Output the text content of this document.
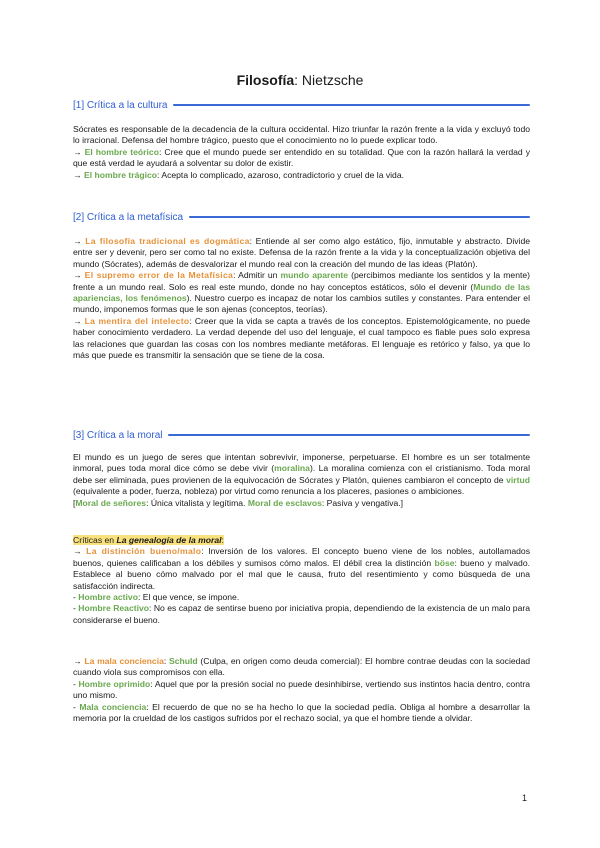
Filosofía: Nietzsche
[1] Crítica a la cultura

Sócrates es responsable de la decadencia de la cultura occidental. Hizo triunfar la razón frente a la vida y excluyó todo lo irracional. Defensa del hombre trágico, puesto que el conocimiento no lo puede explicar todo.

→ El hombre teórico: Cree que el mundo puede ser entendido en su totalidad. Que con la razón hallará la verdad y que está verdad le ayudará a solventar su dolor de existir.

→ El hombre trágico: Acepta lo complicado, azaroso, contradictorio y cruel de la vida.

[2] Crítica a la metafísica

→ La filosofía tradicional es dogmática: Entiende al ser como algo estático, fijo, inmutable y abstracto. Divide entre ser y devenir, pero ser como tal no existe. Defensa de la razón frente a la vida y la conceptualización objetiva del mundo (Sócrates), además de desvalorizar el mundo real con la creación del mundo de las ideas (Platón).

→ El supremo error de la Metafísica: Admitir un mundo aparente (percibimos mediante los sentidos y la mente) frente a un mundo real. Solo es real este mundo, donde no hay conceptos estáticos, sólo el devenir (Mundo de las apariencias, los fenómenos). Nuestro cuerpo es incapaz de notar los cambios sutiles y constantes. Para entender el mundo, imponemos formas que le son ajenas (conceptos, teorías).

→ La mentira del intelecto: Creer que la vida se capta a través de los conceptos. Epistemológicamente, no puede haber conocimiento verdadero. La verdad depende del uso del lenguaje, el cual tampoco es fiable pues solo expresa las relaciones que guardan las cosas con los nombres mediante metáforas. El lenguaje es retórico y falso, ya que lo más que puede es transmitir la sensación que se tiene de la cosa.

[3] Crítica a la moral

El mundo es un juego de seres que intentan sobrevivir, imponerse, perpetuarse. El hombre es un ser totalmente inmoral, pues toda moral dice cómo se debe vivir (moralina). La moralina comienza con el cristianismo. Toda moral debe ser eliminada, pues provienen de la equivocación de Sócrates y Platón, quienes cambiaron el concepto de virtud (equivalente a poder, fuerza, nobleza) por virtud como renuncia a los placeres, pasiones o ambiciones.

[Moral de señores: Única vitalista y legítima. Moral de esclavos: Pasiva y vengativa.]

Críticas en La genealogía de la moral:

→ La distinción bueno/malo: Inversión de los valores. El concepto bueno viene de los nobles, autollamados buenos, quienes calificaban a los débiles y sumisos cómo malos. El débil crea la distinción böse: bueno y malvado. Establece al bueno cómo malvado por el mal que le causa, fruto del resentimiento y como búsqueda de una satisfacción indirecta.

- Hombre activo: El que vence, se impone.

- Hombre Reactivo: No es capaz de sentirse bueno por iniciativa propia, dependiendo de la existencia de un malo para considerarse el bueno.

→ La mala conciencia: Schuld (Culpa, en origen como deuda comercial): El hombre contrae deudas con la sociedad cuando viola sus compromisos con ella.

- Hombre oprimido: Aquel que por la presión social no puede desinhibirse, vertiendo sus instintos hacia dentro, contra uno mismo.

- Mala conciencia: El recuerdo de que no se ha hecho lo que la sociedad pedía. Obliga al hombre a desarrollar la memoria por la crueldad de los castigos sufridos por el rechazo social, ya que el hombre tiende a olvidar.

1
